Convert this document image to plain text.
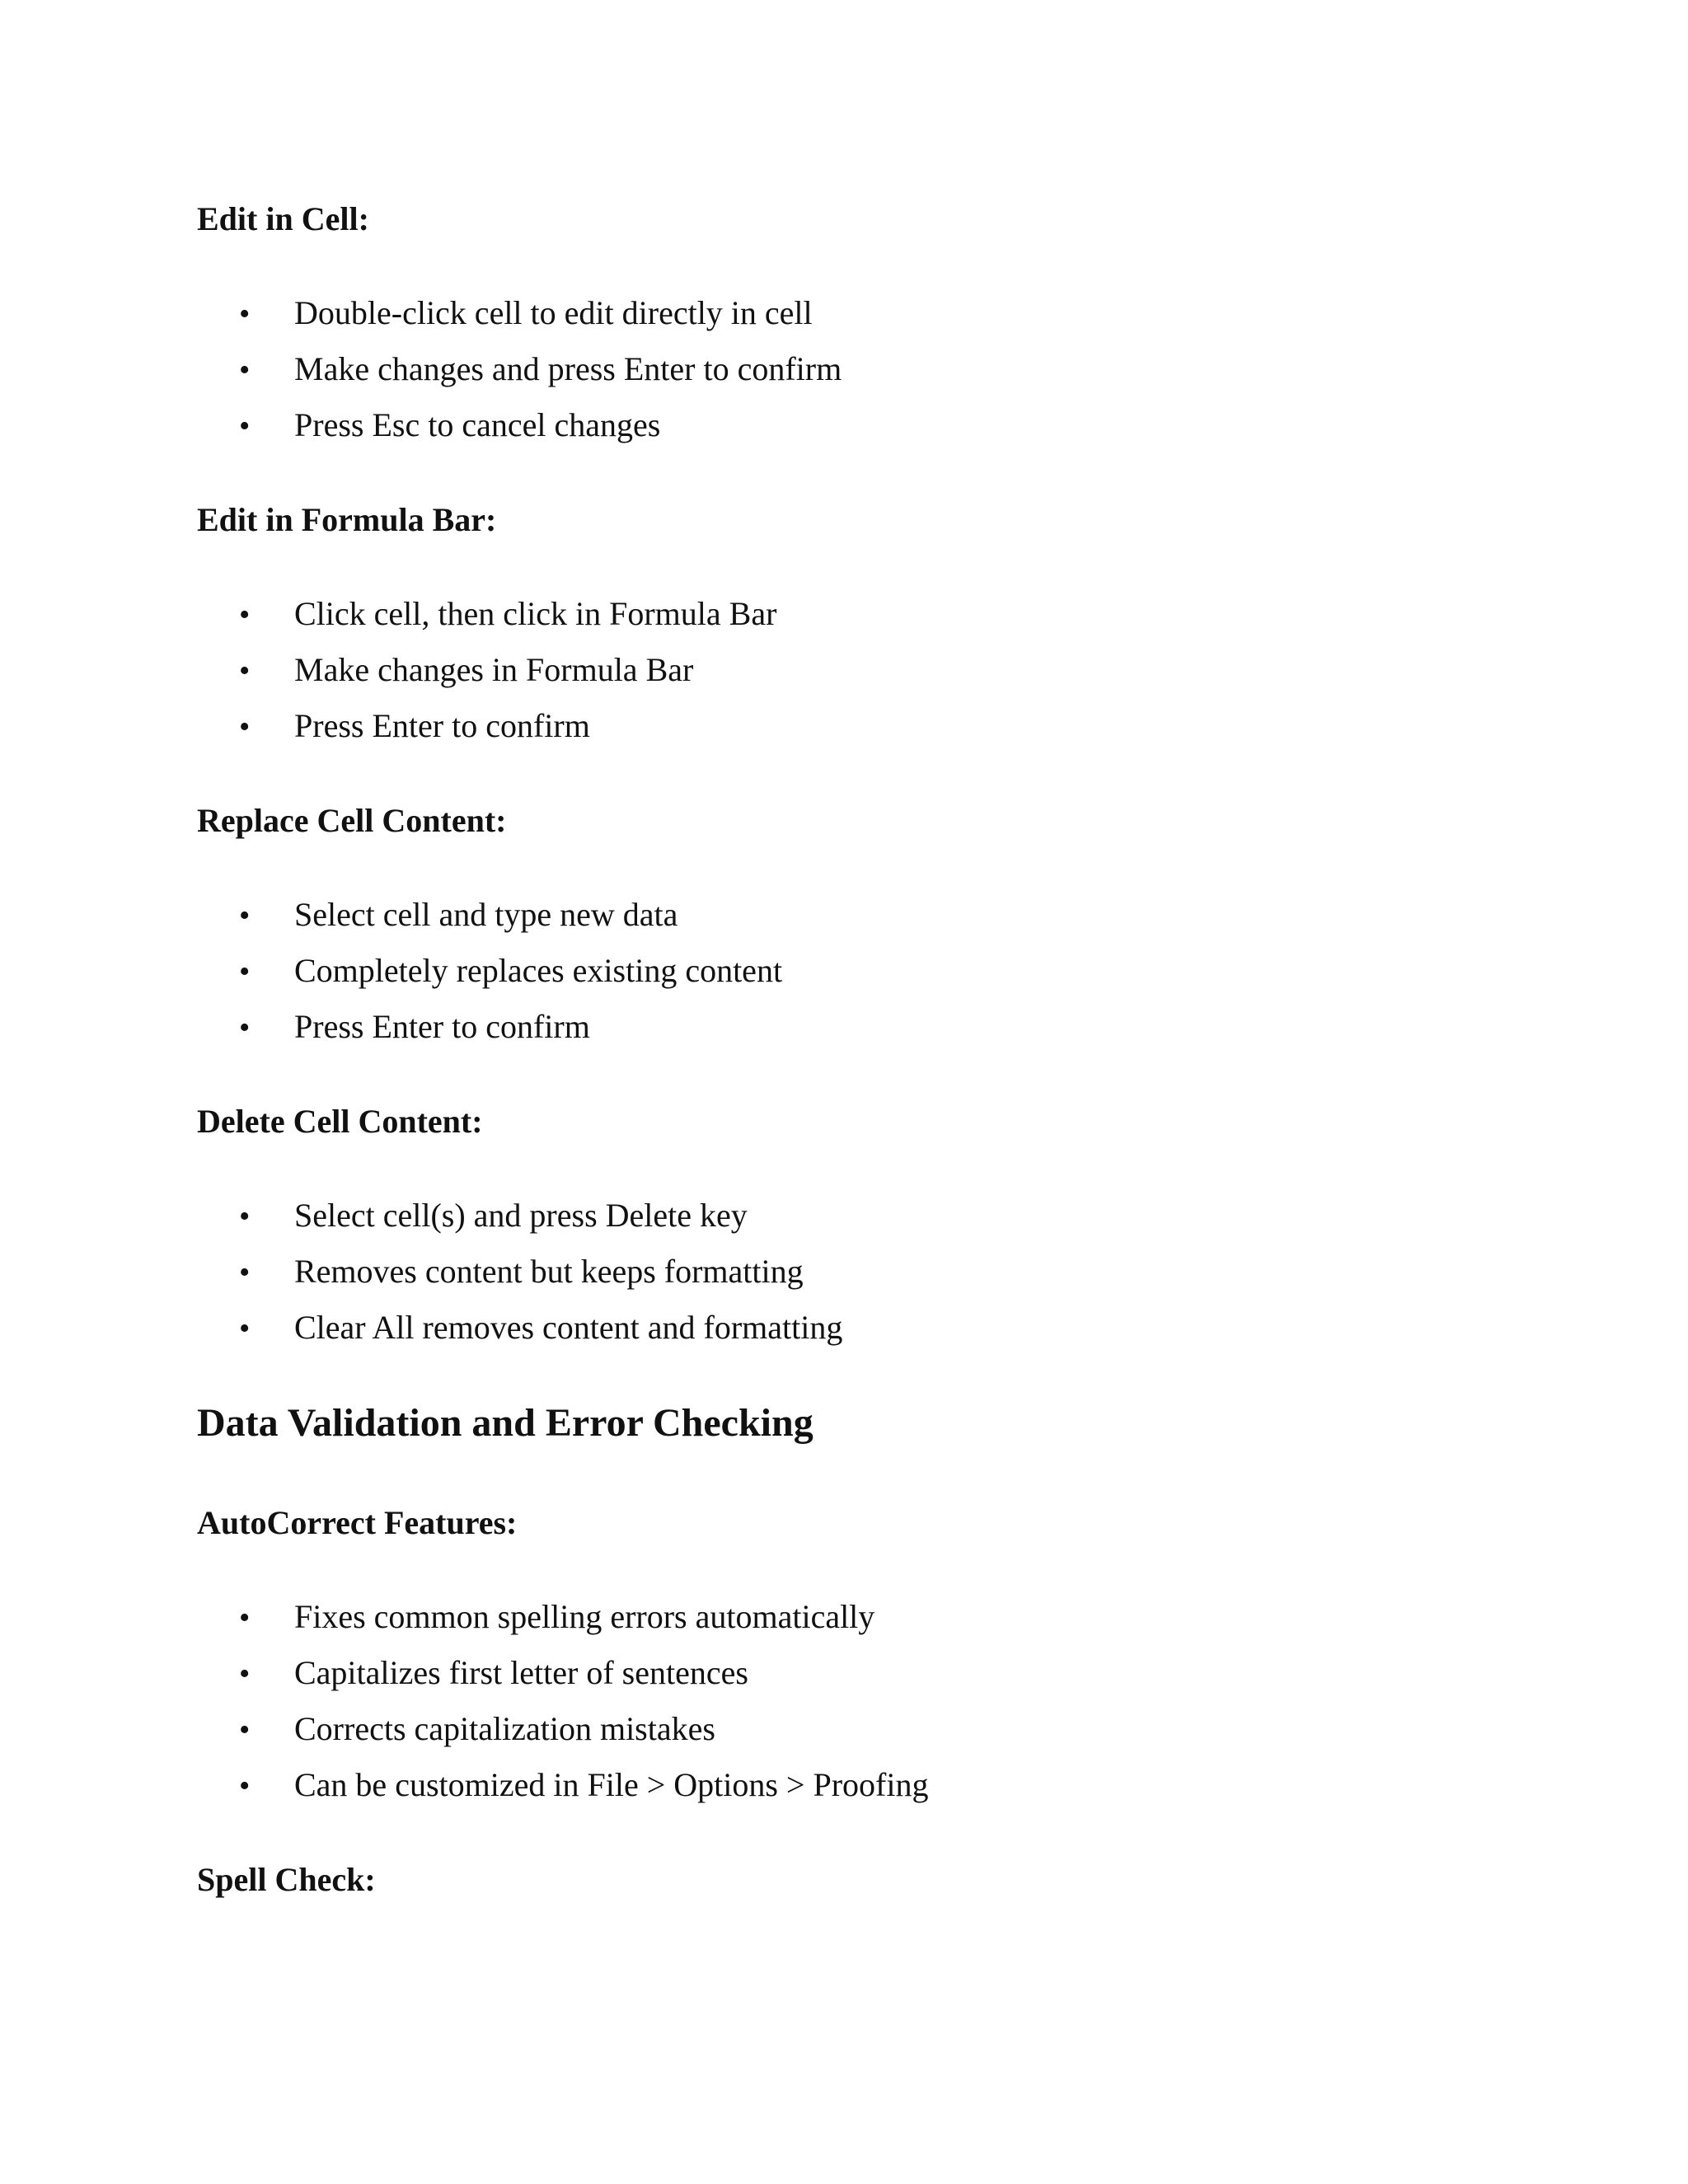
Edit in Cell:
• Double-click cell to edit directly in cell
• Make changes and press Enter to confirm
• Press Esc to cancel changes
Edit in Formula Bar:
• Click cell, then click in Formula Bar
• Make changes in Formula Bar
• Press Enter to confirm
Replace Cell Content:
• Select cell and type new data
• Completely replaces existing content
• Press Enter to confirm
Delete Cell Content:
• Select cell(s) and press Delete key
• Removes content but keeps formatting
• Clear All removes content and formatting
Data Validation and Error Checking
AutoCorrect Features:
• Fixes common spelling errors automatically
• Capitalizes first letter of sentences
• Corrects capitalization mistakes
• Can be customized in File > Options > Proofing
Spell Check:
